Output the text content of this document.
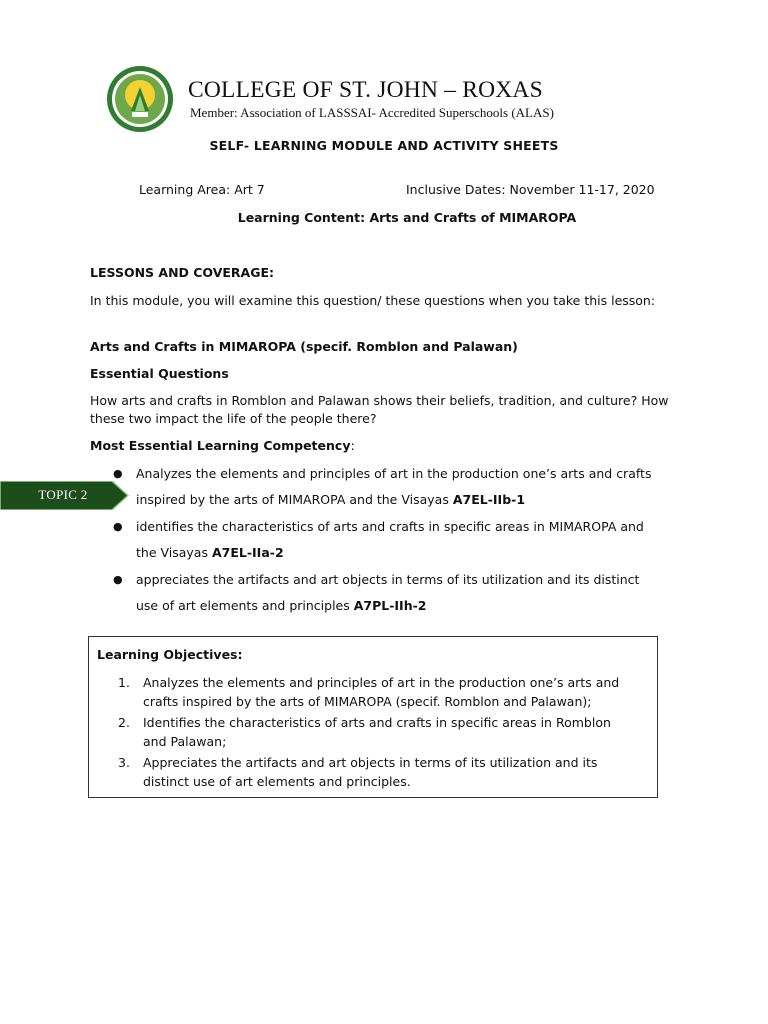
COLLEGE OF ST. JOHN – ROXAS
Member: Association of LASSSAI- Accredited Superschools (ALAS)
SELF- LEARNING MODULE AND ACTIVITY SHEETS
Learning Area: Art 7	Inclusive Dates: November 11-17, 2020
Learning Content: Arts and Crafts of MIMAROPA
LESSONS AND COVERAGE:
In this module, you will examine this question/ these questions when you take this lesson:
Arts and Crafts in MIMAROPA (specif. Romblon and Palawan)
Essential Questions
How arts and crafts in Romblon and Palawan shows their beliefs, tradition, and culture? How these two impact the life of the people there?
Most Essential Learning Competency:
● Analyzes the elements and principles of art in the production one’s arts and crafts
inspired by the arts of MIMAROPA and the Visayas A7EL-IIb-1
● identifies the characteristics of arts and crafts in specific areas in MIMAROPA and
the Visayas A7EL-IIa-2
● appreciates the artifacts and art objects in terms of its utilization and its distinct
use of art elements and principles A7PL-IIh-2
TOPIC 2
Learning Objectives:
1. Analyzes the elements and principles of art in the production one’s arts and
crafts inspired by the arts of MIMAROPA (specif. Romblon and Palawan);
2. Identifies the characteristics of arts and crafts in specific areas in Romblon
and Palawan;
3. Appreciates the artifacts and art objects in terms of its utilization and its
distinct use of art elements and principles.
